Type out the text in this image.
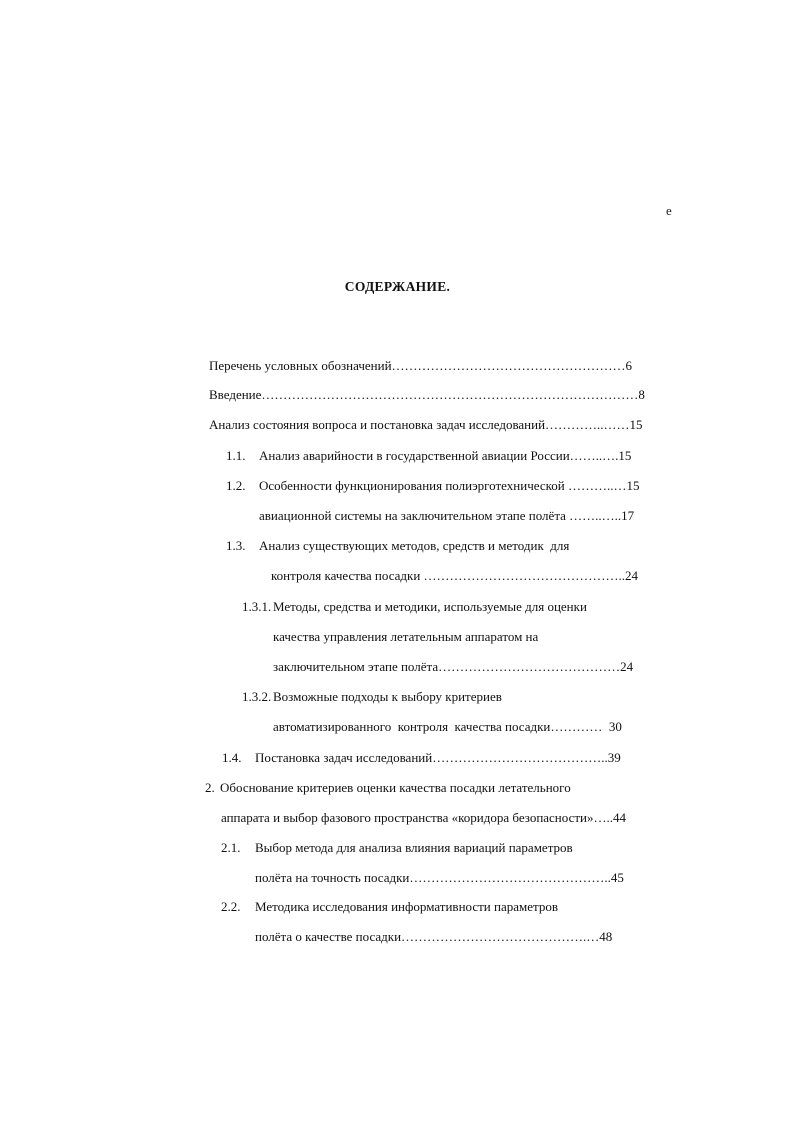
e
СОДЕРЖАНИЕ.

Перечень условных обозначений………………………………………………6

Введение……………………………………………………………………………8

Анализ состояния вопроса и постановка задач исследований…………..……15

1.1. Анализ аварийности в государственной авиации России……..….15

1.2. Особенности функционирования полиэрготехнической ………..…15

авиационной системы на заключительном этапе полёта ……..…..17

1.3. Анализ существующих методов, средств и методик  для

контроля качества посадки ………………………………………..24

1.3.1. Методы, средства и методики, используемые для оценки

качества управления летательным аппаратом на

заключительном этапе полёта……………………………………24

1.3.2. Возможные подходы к выбору критериев

автоматизированного  контроля  качества посадки…………  30

1.4. Постановка задач исследований…………………………………..39

2. Обоснование критериев оценки качества посадки летательного

аппарата и выбор фазового пространства «коридора безопасности»…..44

2.1. Выбор метода для анализа влияния вариаций параметров

полёта на точность посадки………………………………………..45

2.2. Методика исследования информативности параметров

полёта о качестве посадки…………………………………….…48
